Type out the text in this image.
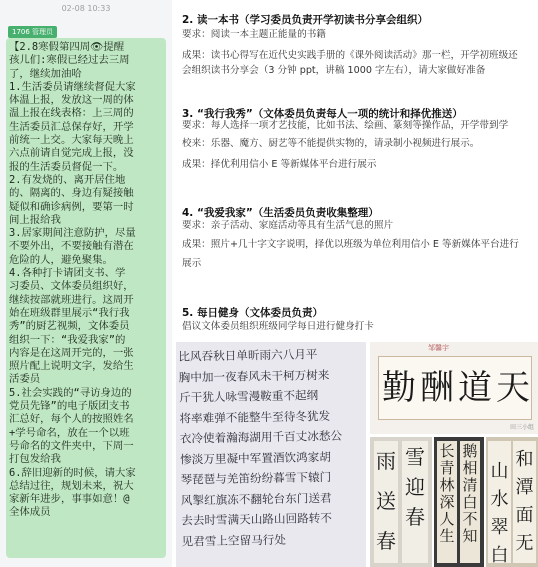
02-08 10:33
1706 管理员
【2.8寒假第四周👁提醒
孩儿们:寒假已经过去三周
了，继续加油哈
1.生活委员请继续督促大家
体温上报，发放这一周的体
温上报在线表格：上三周的
生活委员汇总保存好，开学
前统一上交。大家每天晚上
六点前请自觉完成上报，没
报的生活委员督促一下。
2.有发烧的、离开居住地
的、隔离的、身边有疑接触
疑似和确诊病例，要第一时
间上报给我
3.居家期间注意防护，尽量
不要外出，不要接触有潜在
危险的人，避免聚集。
4.各种打卡请团支书、学
习委员、文体委员组织好，
继续按部就班进行。这周开
始在班级群里展示“我行我
秀”的厨艺视频，文体委员
组织一下：“我爱我家”的
内容是在这周开完的，一张
照片配上说明文字，发给生
活委员
5.社会实践的“寻访身边的
党员先锋”的电子版团支书
汇总好，每个人的按照姓名
+学号命名，放在一个以班
号命名的文件夹中，下周一
打包发给我
6.辞旧迎新的时候，请大家
总结过往，规划未来，祝大
家新年进步，事事如意！@
全体成员
2. 读一本书（学习委员负责开学初读书分享会组织）
要求：阅读一本主题正能量的书籍
成果：读书心得写在近代史实践手册的《课外阅读活动》那一栏，开学初班级还
会组织读书分享会（3 分钟 ppt，讲稿 1000 字左右），请大家做好准备
3. “我行我秀”（文体委员负责每人一项的统计和择优推送）
要求：每人选择一项才艺技能，比如书法、绘画、篆刻等操作品，开学带到学
校来：乐器、魔方、厨艺等不能提供实物的，请录制小视频进行展示。
成果：择优利用信小 E 等新媒体平台进行展示
4. “我爱我家”（生活委员负责收集整理）
要求：亲子活动、家庭活动等具有生活气息的照片
成果：照片+几十字文字说明，择优以班级为单位利用信小 E 等新媒体平台进行
展示
5. 每日健身（文体委员负责）
倡议文体委员组织班级同学每日进行健身打卡
比风吞秋日单昕雨六八月平
胸中加一夜春风未干柯万树来
斤干犹人咏雪漫鞍重不起纲
将率难弹不能整牛至待冬犹发
衣冷使着瀚海湖用千百丈冰愁公
惨淡万里凝中军置酒饮鸿家胡
琴琵琶与羌笛纷纷暮雪下辕门
风掣红旗冻不翻轮台东门送君
去去时雪满天山路山回路转不
见君雪上空留马行处
邹馨宇
勤 酬 道 天
田三小组
雨
送
春
雪
迎
春
长青林深人生
鹅相清白不知
和
潭
面
无
山
水
翠
白
